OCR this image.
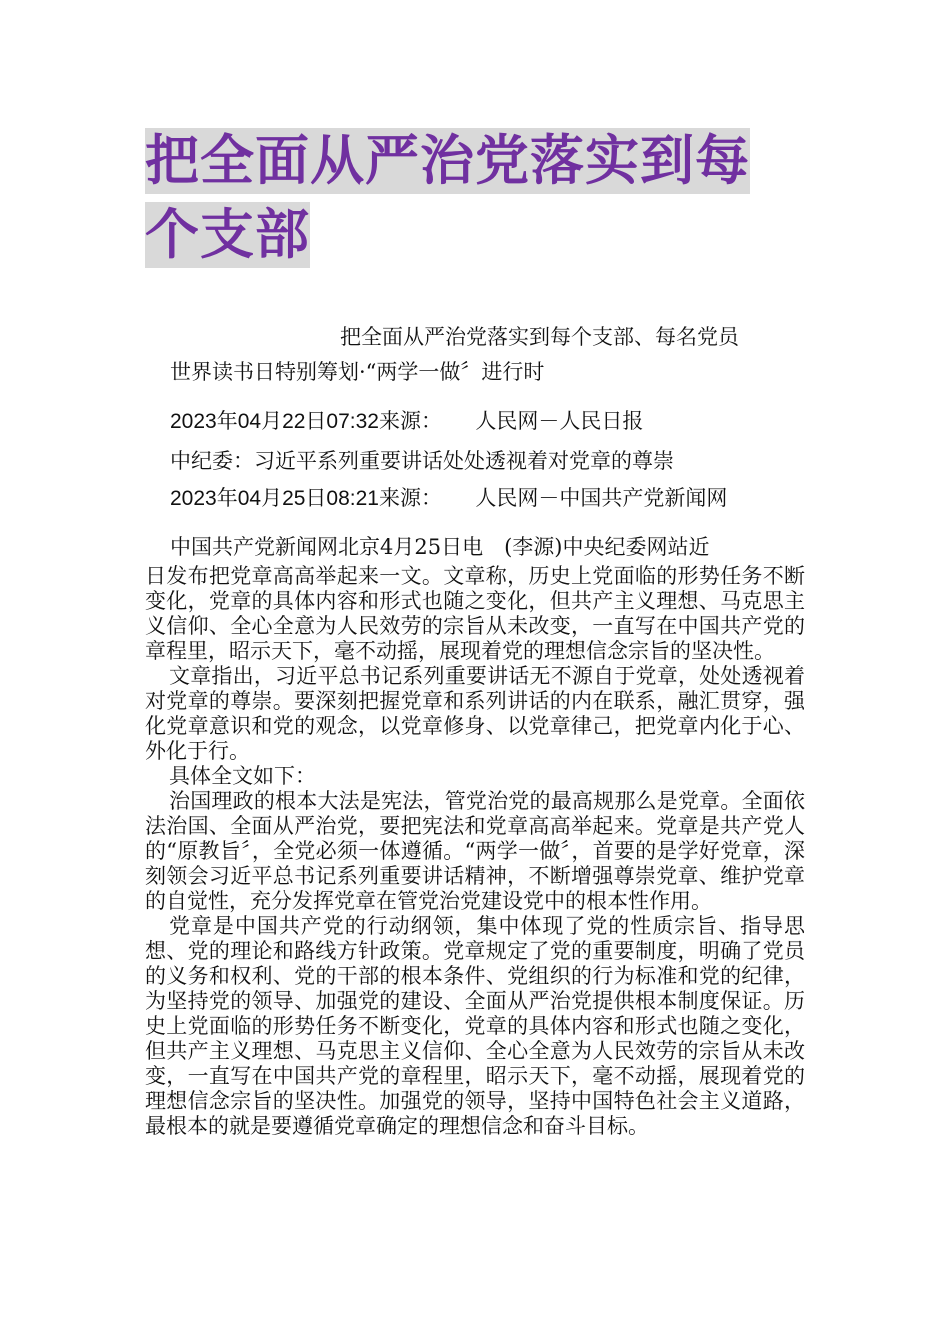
把全面从严治党落实到每
个支部
把全面从严治党落实到每个支部、每名党员
世界读书日特别筹划·“两学一做〞进行时
2023年04月22日07:32来源： 人民网－人民日报
中纪委：习近平系列重要讲话处处透视着对党章的尊崇
2023年04月25日08:21来源： 人民网－中国共产党新闻网
中国共产党新闻网北京4月25日电　(李源)中央纪委网站近

日发布把党章高高举起来一文。文章称，历史上党面临的形势任务不断变化，党章的具体内容和形式也随之变化，但共产主义理想、马克思主义信仰、全心全意为人民效劳的宗旨从未改变，一直写在中国共产党的章程里，昭示天下，毫不动摇，展现着党的理想信念宗旨的坚决性。

文章指出，习近平总书记系列重要讲话无不源自于党章，处处透视着对党章的尊崇。要深刻把握党章和系列讲话的内在联系，融汇贯穿，强化党章意识和党的观念，以党章修身、以党章律己，把党章内化于心、外化于行。

具体全文如下：

治国理政的根本大法是宪法，管党治党的最高规那么是党章。全面依法治国、全面从严治党，要把宪法和党章高高举起来。党章是共产党人的“原教旨〞，全党必须一体遵循。“两学一做〞，首要的是学好党章，深刻领会习近平总书记系列重要讲话精神，不断增强尊崇党章、维护党章的自觉性，充分发挥党章在管党治党建设党中的根本性作用。

党章是中国共产党的行动纲领，集中体现了党的性质宗旨、指导思想、党的理论和路线方针政策。党章规定了党的重要制度，明确了党员的义务和权利、党的干部的根本条件、党组织的行为标准和党的纪律，为坚持党的领导、加强党的建设、全面从严治党提供根本制度保证。历史上党面临的形势任务不断变化，党章的具体内容和形式也随之变化，但共产主义理想、马克思主义信仰、全心全意为人民效劳的宗旨从未改变，一直写在中国共产党的章程里，昭示天下，毫不动摇，展现着党的理想信念宗旨的坚决性。加强党的领导，坚持中国特色社会主义道路，最根本的就是要遵循党章确定的理想信念和奋斗目标。
